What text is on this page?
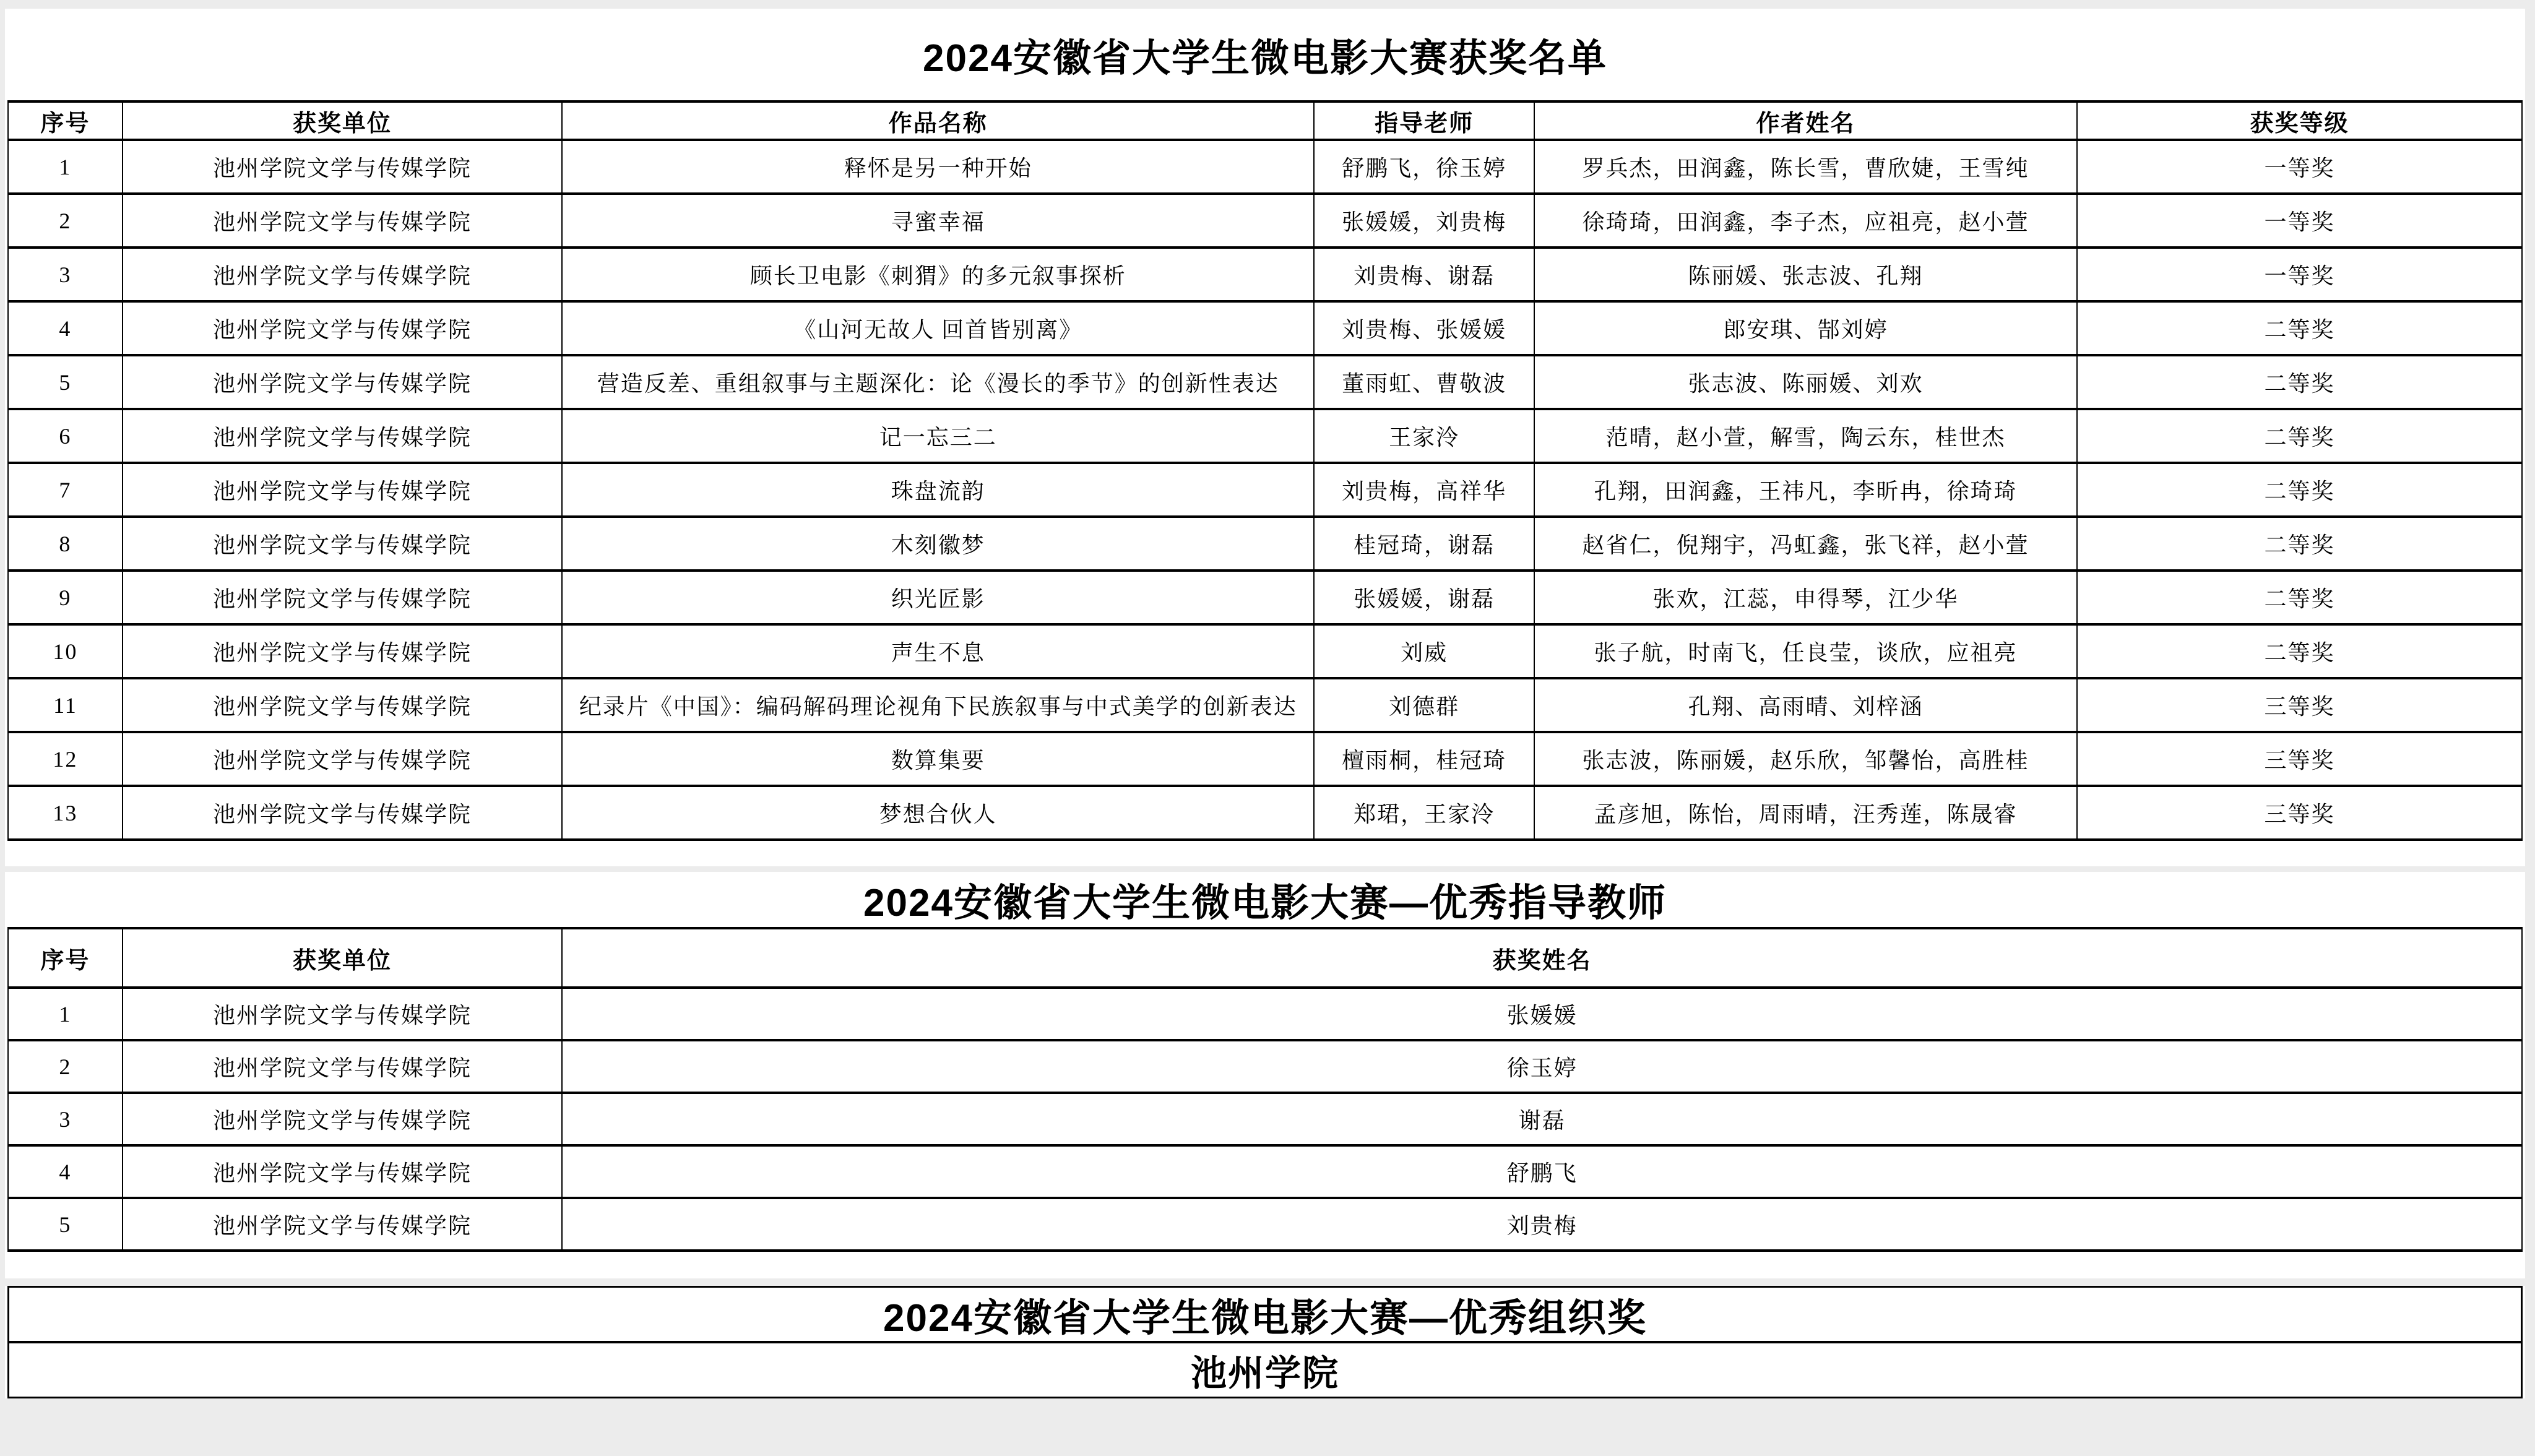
2024安徽省大学生微电影大赛获奖名单
序号	获奖单位	作品名称	指导老师	作者姓名	获奖等级
1	池州学院文学与传媒学院	释怀是另一种开始	舒鹏飞，徐玉婷	罗兵杰，田润鑫，陈长雪，曹欣婕，王雪纯	一等奖
2	池州学院文学与传媒学院	寻蜜幸福	张媛媛，刘贵梅	徐琦琦，田润鑫，李子杰，应祖亮，赵小萱	一等奖
3	池州学院文学与传媒学院	顾长卫电影《刺猬》的多元叙事探析	刘贵梅、谢磊	陈丽媛、张志波、孔翔	一等奖
4	池州学院文学与传媒学院	《山河无故人 回首皆别离》	刘贵梅、张媛媛	郎安琪、郜刘婷	二等奖
5	池州学院文学与传媒学院	营造反差、重组叙事与主题深化：论《漫长的季节》的创新性表达	董雨虹、曹敬波	张志波、陈丽媛、刘欢	二等奖
6	池州学院文学与传媒学院	记一忘三二	王家泠	范晴，赵小萱，解雪，陶云东，桂世杰	二等奖
7	池州学院文学与传媒学院	珠盘流韵	刘贵梅，高祥华	孔翔，田润鑫，王祎凡，李昕冉，徐琦琦	二等奖
8	池州学院文学与传媒学院	木刻徽梦	桂冠琦，谢磊	赵省仁，倪翔宇，冯虹鑫，张飞祥，赵小萱	二等奖
9	池州学院文学与传媒学院	织光匠影	张媛媛，谢磊	张欢，江蕊，申得琴，江少华	二等奖
10	池州学院文学与传媒学院	声生不息	刘威	张子航，时南飞，任良莹，谈欣，应祖亮	二等奖
11	池州学院文学与传媒学院	纪录片《中国》：编码解码理论视角下民族叙事与中式美学的创新表达	刘德群	孔翔、高雨晴、刘梓涵	三等奖
12	池州学院文学与传媒学院	数算集要	檀雨桐，桂冠琦	张志波，陈丽媛，赵乐欣，邹馨怡，高胜桂	三等奖
13	池州学院文学与传媒学院	梦想合伙人	郑珺，王家泠	孟彦旭，陈怡，周雨晴，汪秀莲，陈晟睿	三等奖
2024安徽省大学生微电影大赛—优秀指导教师
序号	获奖单位	获奖姓名
1	池州学院文学与传媒学院	张媛媛
2	池州学院文学与传媒学院	徐玉婷
3	池州学院文学与传媒学院	谢磊
4	池州学院文学与传媒学院	舒鹏飞
5	池州学院文学与传媒学院	刘贵梅
2024安徽省大学生微电影大赛—优秀组织奖
池州学院
